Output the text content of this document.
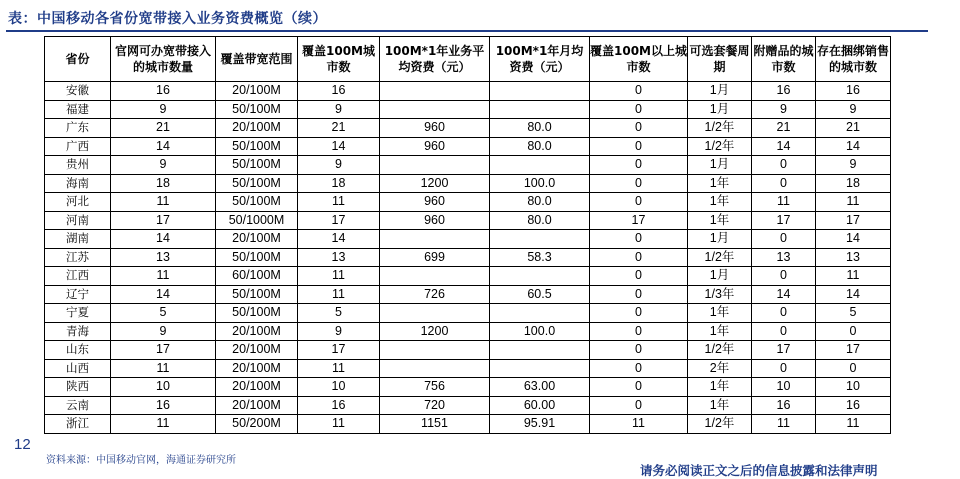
表：中国移动各省份宽带接入业务资费概览（续）
省份	官网可办宽带接入的城市数量	覆盖带宽范围	覆盖100M城市数	100M*1年业务平均资费（元）	100M*1年月均资费（元）	覆盖100M以上城市数	可选套餐周期	附赠品的城市数	存在捆绑销售的城市数
安徽	16	20/100M	16			0	1月	16	16
福建	9	50/100M	9			0	1月	9	9
广东	21	20/100M	21	960	80.0	0	1/2年	21	21
广西	14	50/100M	14	960	80.0	0	1/2年	14	14
贵州	9	50/100M	9			0	1月	0	9
海南	18	50/100M	18	1200	100.0	0	1年	0	18
河北	11	50/100M	11	960	80.0	0	1年	11	11
河南	17	50/1000M	17	960	80.0	17	1年	17	17
湖南	14	20/100M	14			0	1月	0	14
江苏	13	50/100M	13	699	58.3	0	1/2年	13	13
江西	11	60/100M	11			0	1月	0	11
辽宁	14	50/100M	11	726	60.5	0	1/3年	14	14
宁夏	5	50/100M	5			0	1年	0	5
青海	9	20/100M	9	1200	100.0	0	1年	0	0
山东	17	20/100M	17			0	1/2年	17	17
山西	11	20/100M	11			0	2年	0	0
陕西	10	20/100M	10	756	63.00	0	1年	10	10
云南	16	20/100M	16	720	60.00	0	1年	16	16
浙江	11	50/200M	11	1151	95.91	11	1/2年	11	11
12
资料来源：中国移动官网，海通证券研究所
请务必阅读正文之后的信息披露和法律声明
